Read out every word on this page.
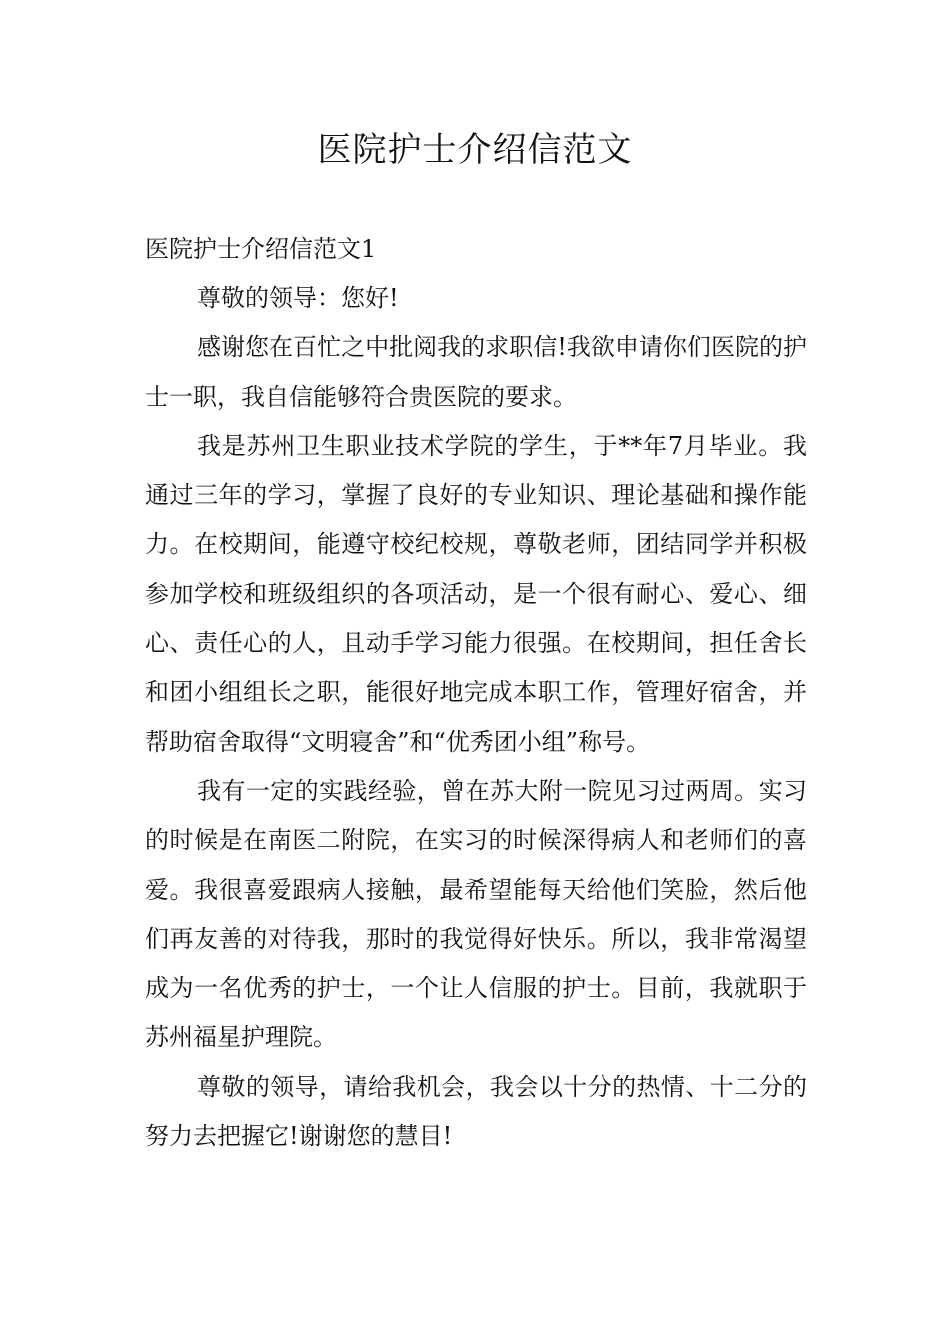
医院护士介绍信范文

医院护士介绍信范文1

尊敬的领导：您好!

感谢您在百忙之中批阅我的求职信!我欲申请你们医院的护士一职，我自信能够符合贵医院的要求。

我是苏州卫生职业技术学院的学生，于**年7月毕业。我通过三年的学习，掌握了良好的专业知识、理论基础和操作能力。在校期间，能遵守校纪校规，尊敬老师，团结同学并积极参加学校和班级组织的各项活动，是一个很有耐心、爱心、细心、责任心的人，且动手学习能力很强。在校期间，担任舍长和团小组组长之职，能很好地完成本职工作，管理好宿舍，并帮助宿舍取得“文明寝舍”和“优秀团小组”称号。

我有一定的实践经验，曾在苏大附一院见习过两周。实习的时候是在南医二附院，在实习的时候深得病人和老师们的喜爱。我很喜爱跟病人接触，最希望能每天给他们笑脸，然后他们再友善的对待我，那时的我觉得好快乐。所以，我非常渴望成为一名优秀的护士，一个让人信服的护士。目前，我就职于苏州福星护理院。

尊敬的领导，请给我机会，我会以十分的热情、十二分的努力去把握它!谢谢您的慧目!
